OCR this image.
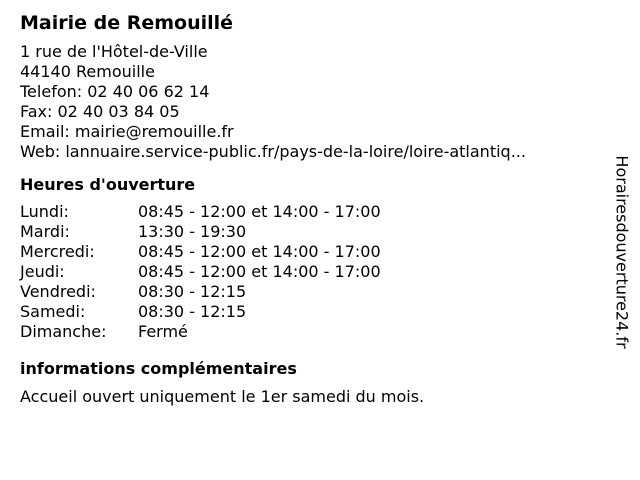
Mairie de Remouillé
1 rue de l'Hôtel-de-Ville
44140 Remouille
Telefon: 02 40 06 62 14
Fax: 02 40 03 84 05
Email: mairie@remouille.fr
Web: lannuaire.service-public.fr/pays-de-la-loire/loire-atlantiq...
Heures d'ouverture
Lundi:	08:45 - 12:00 et 14:00 - 17:00
Mardi:	13:30 - 19:30
Mercredi:	08:45 - 12:00 et 14:00 - 17:00
Jeudi:	08:45 - 12:00 et 14:00 - 17:00
Vendredi:	08:30 - 12:15
Samedi:	08:30 - 12:15
Dimanche:	Fermé
informations complémentaires
Accueil ouvert uniquement le 1er samedi du mois.
Horairesdouverture24.fr
